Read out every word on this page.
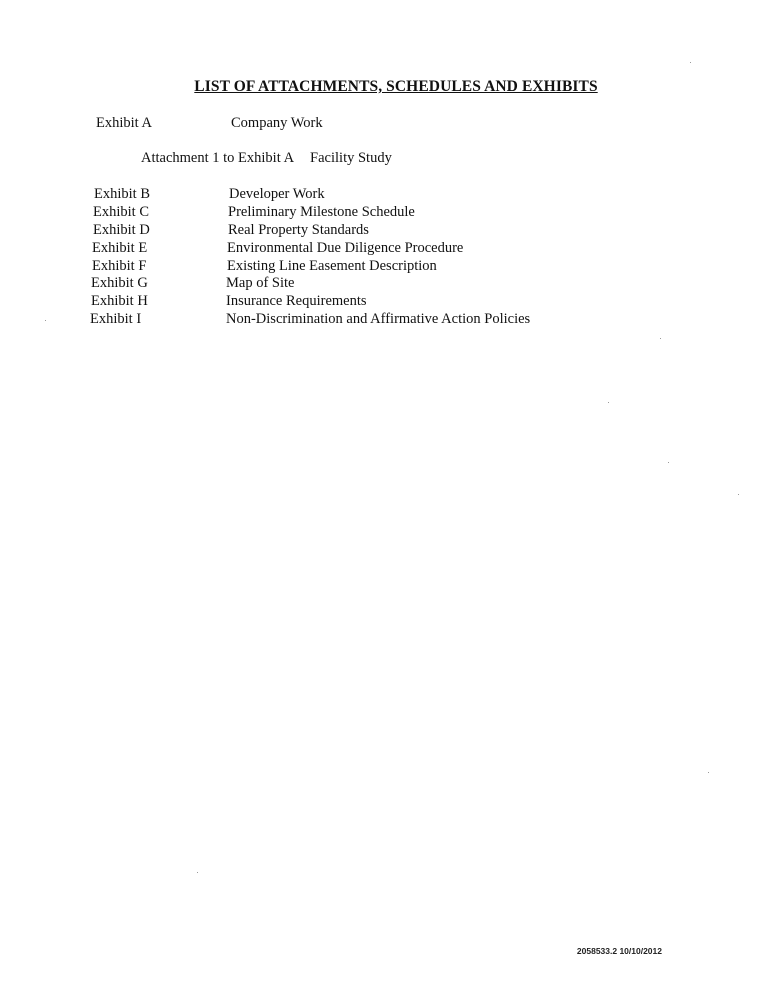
LIST OF ATTACHMENTS, SCHEDULES AND EXHIBITS
Exhibit A	Company Work
Attachment 1 to Exhibit A Facility Study
Exhibit B	Developer Work
Exhibit C	Preliminary Milestone Schedule
Exhibit D	Real Property Standards
Exhibit E	Environmental Due Diligence Procedure
Exhibit F	Existing Line Easement Description
Exhibit G	Map of Site
Exhibit H	Insurance Requirements
Exhibit I	Non-Discrimination and Affirmative Action Policies
2058533.2 10/10/2012
